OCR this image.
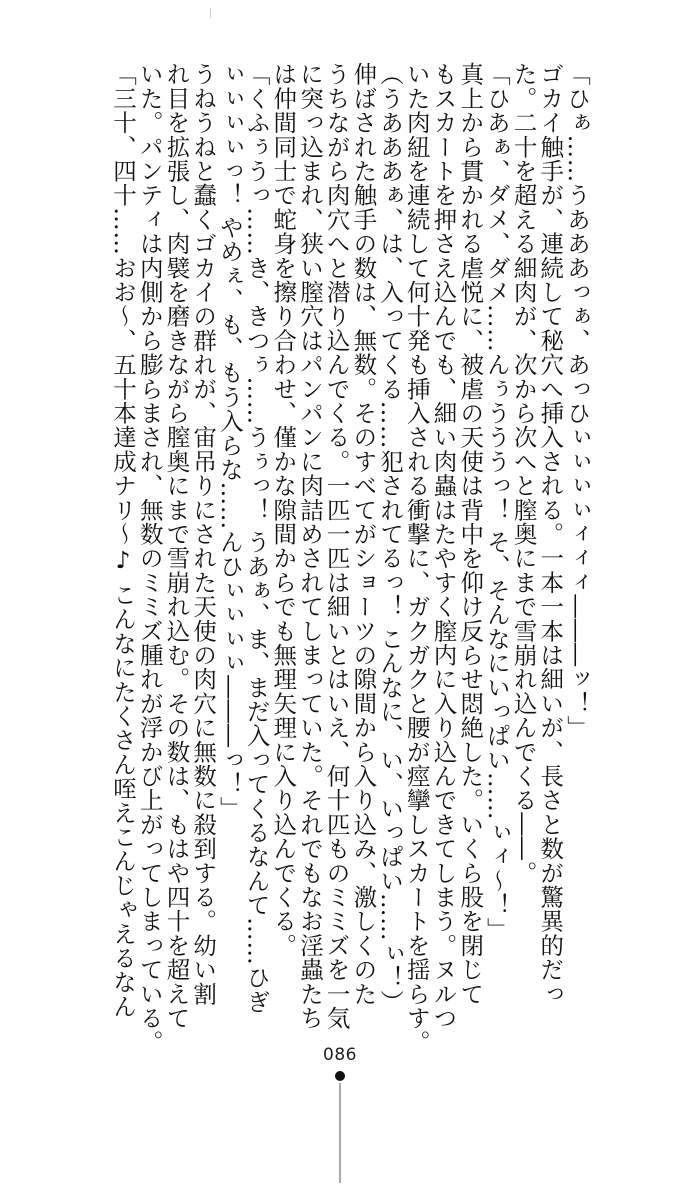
「ひぁ……うあああっぁ、あっひぃぃぃぃィィィ―――ッ！」
ゴカイ触手が、連続して秘穴へ挿入される。一本一本は細いが、長さと数が驚異的だっ
た。二十を超える細肉が、次から次へと膣奥にまで雪崩れ込んでくる――。
「ひあぁ、ダメ、ダメ……んぅうううっ！ そ、そんなにいっぱい……ぃィ～！」
真上から貫かれる虐悦に、被虐の天使は背中を仰け反らせ悶絶した。いくら股を閉じて
もスカートを押さえ込んでも、細い肉蟲はたやすく膣内に入り込んできてしまう。ヌルつ
いた肉紐を連続して何十発も挿入される衝撃に、ガクガクと腰が痙攣しスカートを揺らす。
（うあああぁ、は、入ってくる……犯されてるっ！ こんなに、い、いっぱい……ぃ！）
伸ばされた触手の数は、無数。そのすべてがショーツの隙間から入り込み、激しくのた
うちながら肉穴へと潜り込んでくる。一匹一匹は細いとはいえ、何十匹ものミミズを一気
に突っ込まれ、狭い膣穴はパンパンに肉詰めされてしまっていた。それでもなお淫蟲たち
は仲間同士で蛇身を擦り合わせ、僅かな隙間からでも無理矢理に入り込んでくる。
「くふぅうっ……き、きつぅ……うぅっ！ うあぁ、ま、まだ入ってくるなんて……ひぎ
ぃぃぃぃっ！ やめぇ、も、もう入らな……んひぃぃぃぃ―――っ！」
うねうねと蠢くゴカイの群れが、宙吊りにされた天使の肉穴に無数に殺到する。幼い割
れ目を拡張し、肉襞を磨きながら膣奥にまで雪崩れ込む。その数は、もはや四十を超えて
いた。パンティは内側から膨らまされ、無数のミミズ腫れが浮かび上がってしまっている。
「三十、四十……おお～、五十本達成ナリ～♪ こんなにたくさん咥えこんじゃえるなん
086
